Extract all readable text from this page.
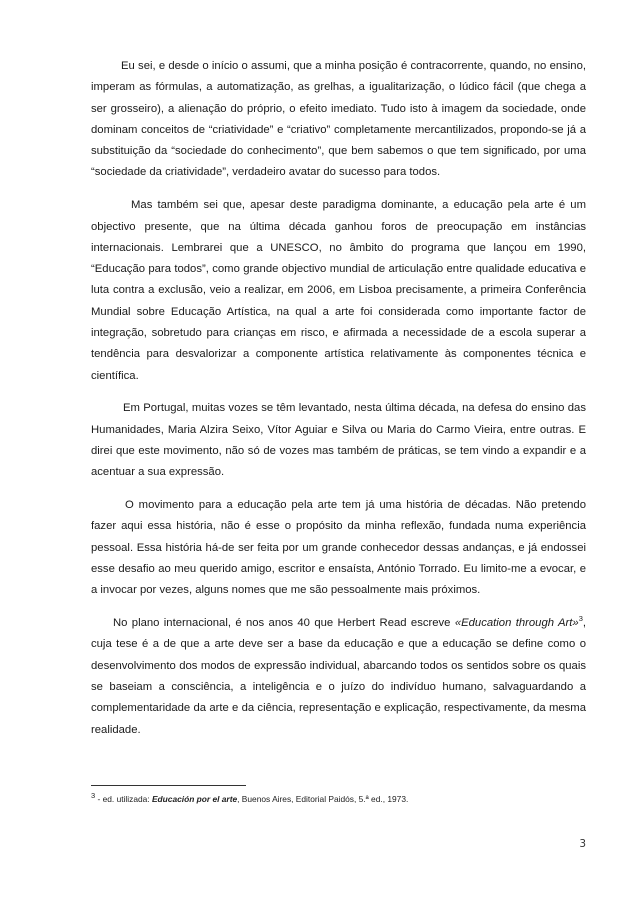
Eu sei, e desde o início o assumi, que a minha posição é contracorrente, quando, no ensino, imperam as fórmulas, a automatização, as grelhas, a igualitarização, o lúdico fácil (que chega a ser grosseiro), a alienação do próprio, o efeito imediato. Tudo isto à imagem da sociedade, onde dominam conceitos de “criatividade” e “criativo” completamente mercantilizados, propondo-se já a substituição da “sociedade do conhecimento”, que bem sabemos o que tem significado, por uma “sociedade da criatividade”, verdadeiro avatar do sucesso para todos.

Mas também sei que, apesar deste paradigma dominante, a educação pela arte é um objectivo presente, que na última década ganhou foros de preocupação em instâncias internacionais. Lembrarei que a UNESCO, no âmbito do programa que lançou em 1990, “Educação para todos”, como grande objectivo mundial de articulação entre qualidade educativa e luta contra a exclusão, veio a realizar, em 2006, em Lisboa precisamente, a primeira Conferência Mundial sobre Educação Artística, na qual a arte foi considerada como importante factor de integração, sobretudo para crianças em risco, e afirmada a necessidade de a escola superar a tendência para desvalorizar a componente artística relativamente às componentes técnica e científica.

Em Portugal, muitas vozes se têm levantado, nesta última década, na defesa do ensino das Humanidades, Maria Alzira Seixo, Vítor Aguiar e Silva ou Maria do Carmo Vieira, entre outras. E direi que este movimento, não só de vozes mas também de práticas, se tem vindo a expandir e a acentuar a sua expressão.

O movimento para a educação pela arte tem já uma história de décadas. Não pretendo fazer aqui essa história, não é esse o propósito da minha reflexão, fundada numa experiência pessoal. Essa história há-de ser feita por um grande conhecedor dessas andanças, e já endossei esse desafio ao meu querido amigo, escritor e ensaísta, António Torrado. Eu limito-me a evocar, e a invocar por vezes, alguns nomes que me são pessoalmente mais próximos.

No plano internacional, é nos anos 40 que Herbert Read escreve «Education through Art»$^3$, cuja tese é a de que a arte deve ser a base da educação e que a educação se define como o desenvolvimento dos modos de expressão individual, abarcando todos os sentidos sobre os quais se baseiam a consciência, a inteligência e o juízo do indivíduo humano, salvaguardando a complementaridade da arte e da ciência, representação e explicação, respectivamente, da mesma realidade.

$^3$ - ed. utilizada: Educación por el arte, Buenos Aires, Editorial Paidós, 5.ª ed., 1973.
3
